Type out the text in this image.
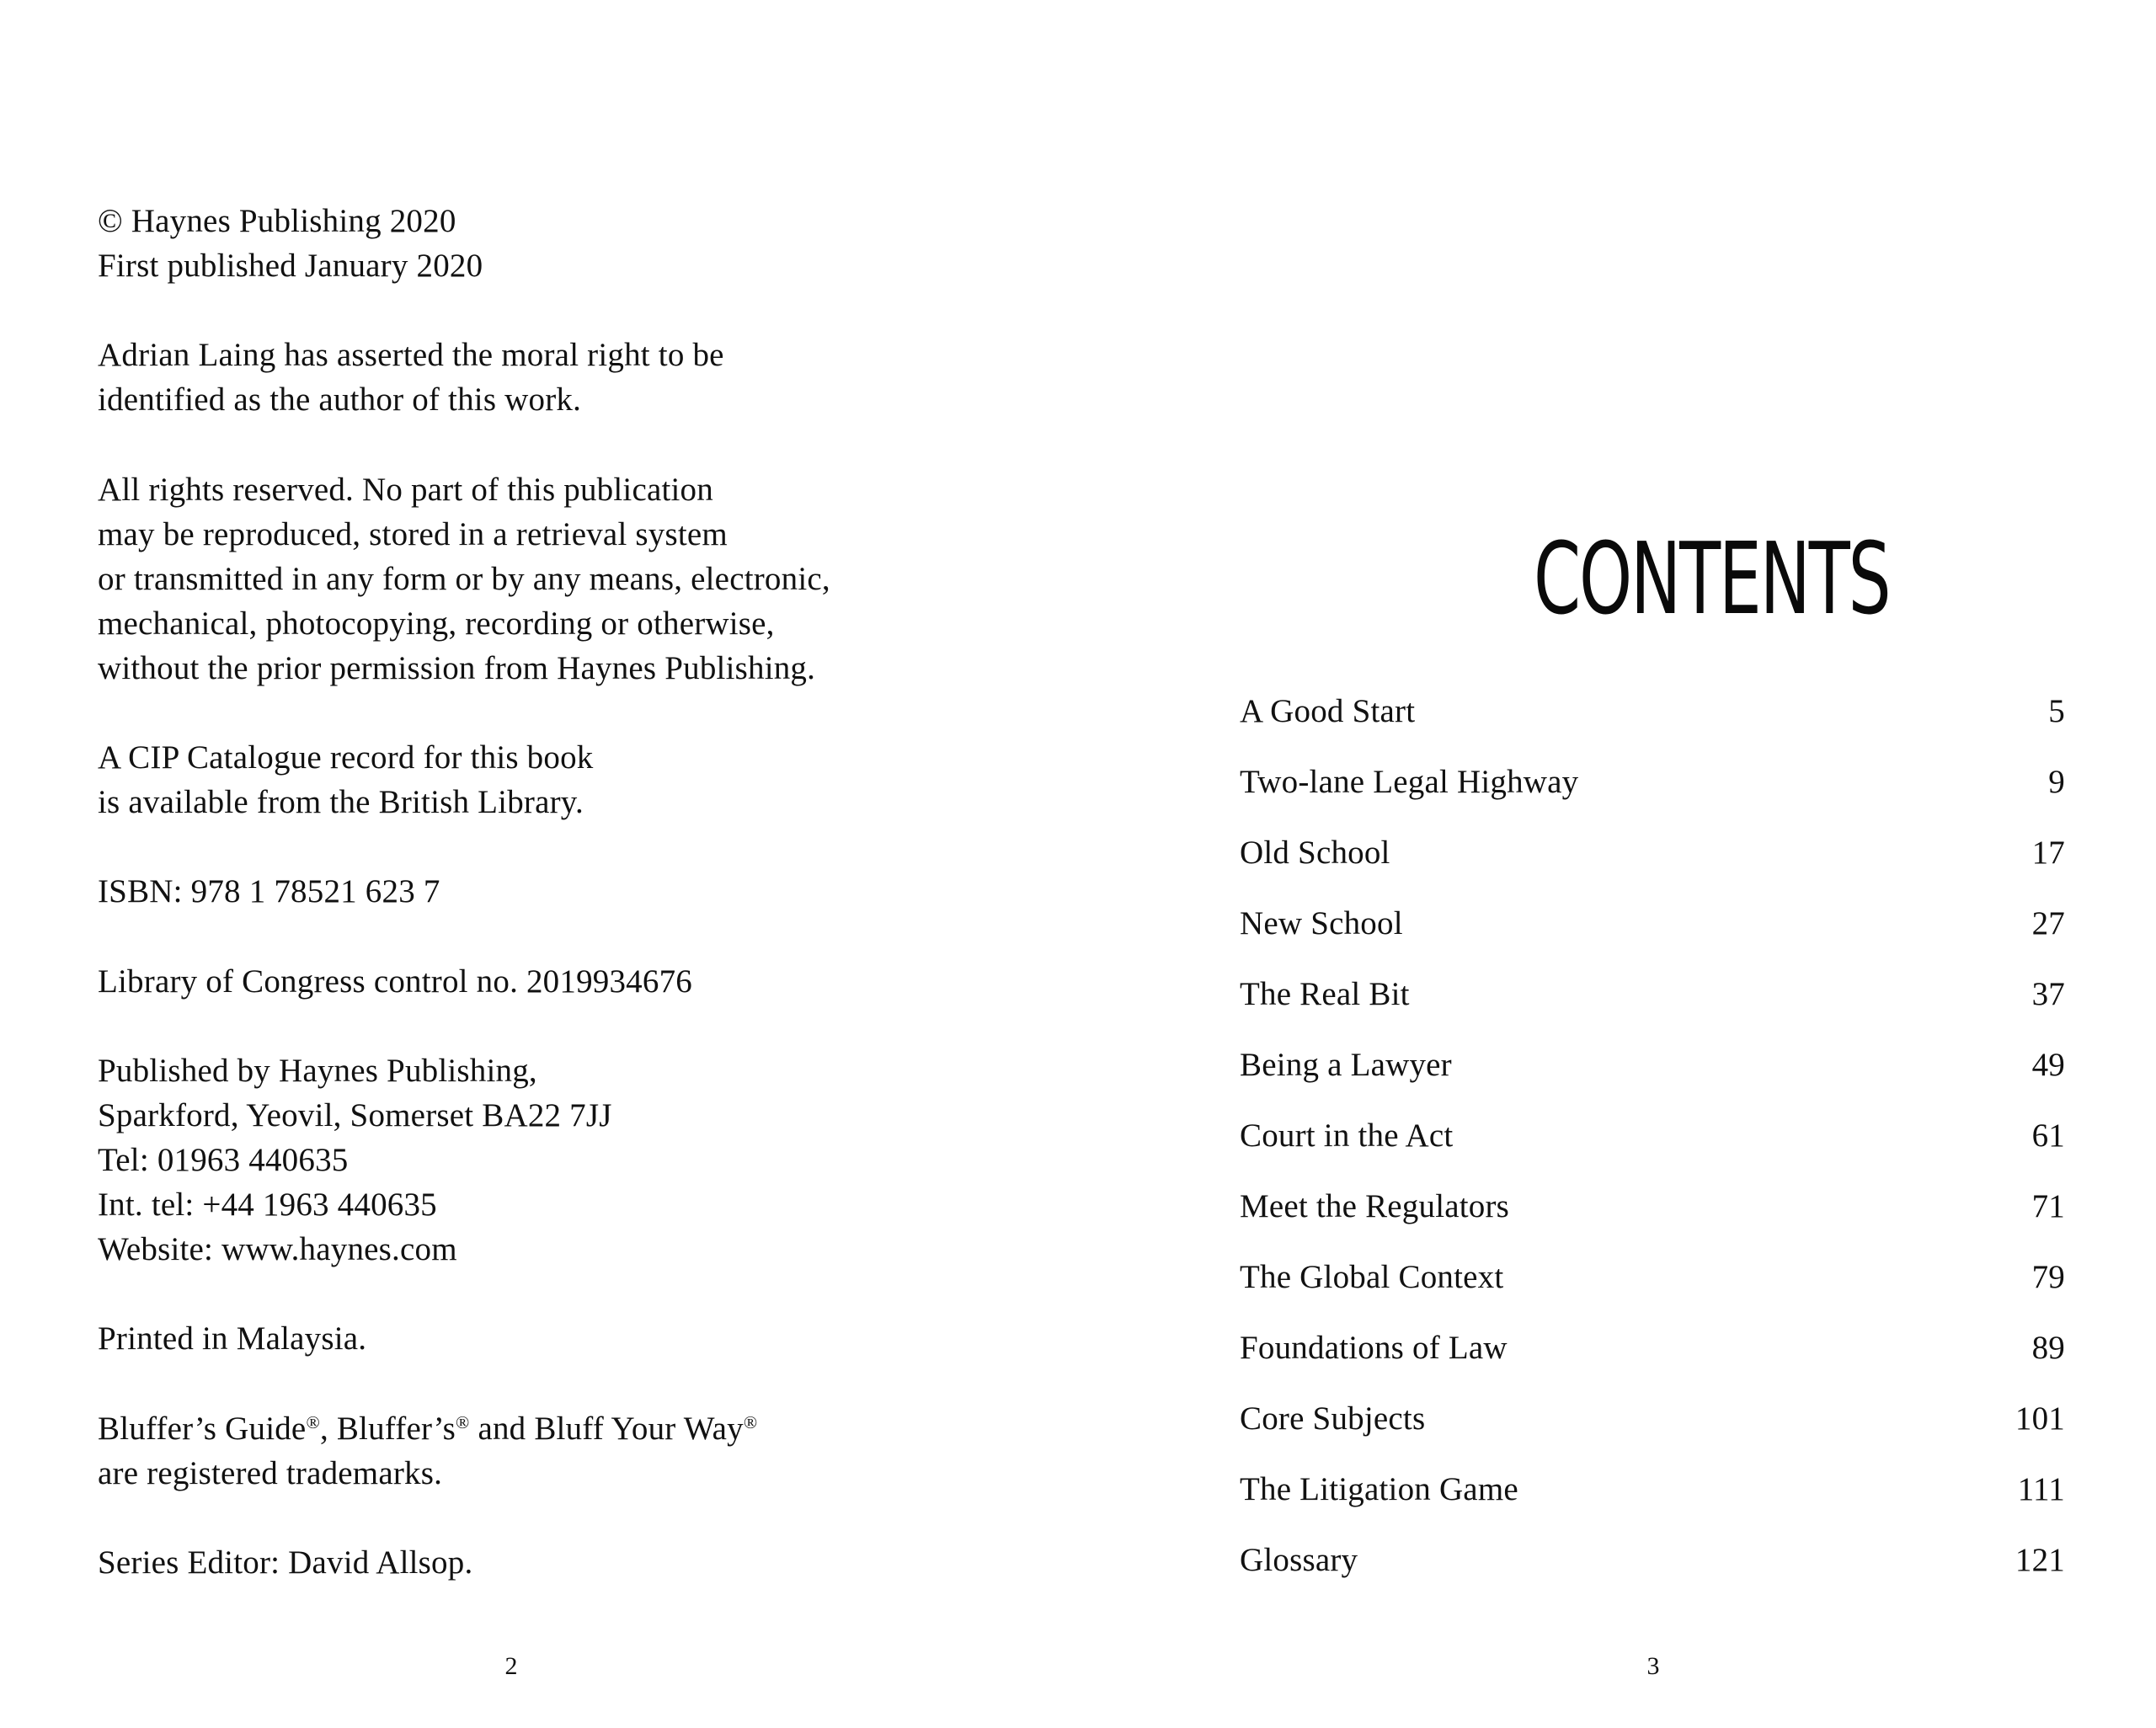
© Haynes Publishing 2020
First published January 2020

Adrian Laing has asserted the moral right to be
identified as the author of this work.

All rights reserved. No part of this publication
may be reproduced, stored in a retrieval system
or transmitted in any form or by any means, electronic,
mechanical, photocopying, recording or otherwise,
without the prior permission from Haynes Publishing.

A CIP Catalogue record for this book
is available from the British Library.

ISBN: 978 1 78521 623 7

Library of Congress control no. 2019934676

Published by Haynes Publishing,
Sparkford, Yeovil, Somerset BA22 7JJ
Tel: 01963 440635
Int. tel: +44 1963 440635
Website: www.haynes.com

Printed in Malaysia.

Bluffer’s Guide®, Bluffer’s® and Bluff Your Way®
are registered trademarks.

Series Editor: David Allsop.

2
CONTENTS
A Good Start	5
Two-lane Legal Highway	9
Old School	17
New School	27
The Real Bit	37
Being a Lawyer	49
Court in the Act	61
Meet the Regulators	71
The Global Context	79
Foundations of Law	89
Core Subjects	101
The Litigation Game	111
Glossary	121
3
